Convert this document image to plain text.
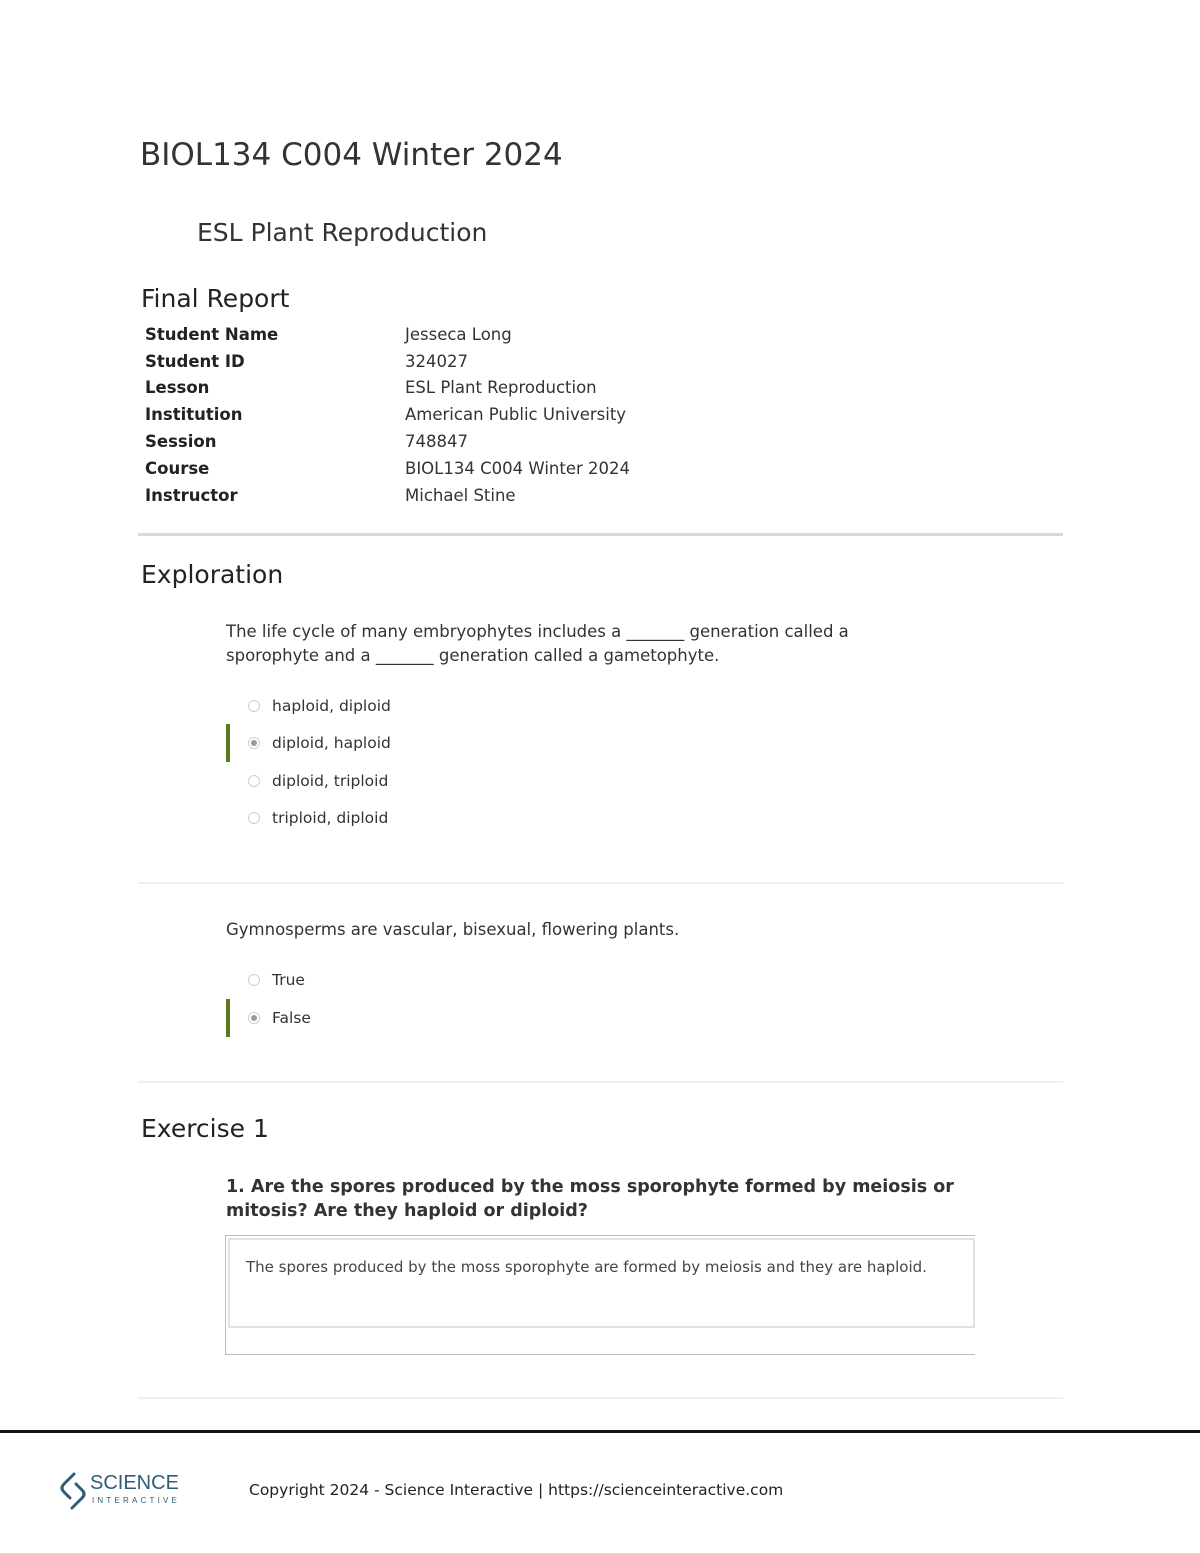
BIOL134 C004 Winter 2024
ESL Plant Reproduction
Final Report
Student Name	Jesseca Long
Student ID	324027
Lesson	ESL Plant Reproduction
Institution	American Public University
Session	748847
Course	BIOL134 C004 Winter 2024
Instructor	Michael Stine
Exploration
The life cycle of many embryophytes includes a _______ generation called a sporophyte and a _______ generation called a gametophyte.
haploid, diploid
diploid, haploid
diploid, triploid
triploid, diploid
Gymnosperms are vascular, bisexual, flowering plants.
True
False
Exercise 1
1. Are the spores produced by the moss sporophyte formed by meiosis or mitosis? Are they haploid or diploid?
The spores produced by the moss sporophyte are formed by meiosis and they are haploid.
SCIENCE
INTERACTIVE
Copyright 2024 - Science Interactive | https://scienceinteractive.com
